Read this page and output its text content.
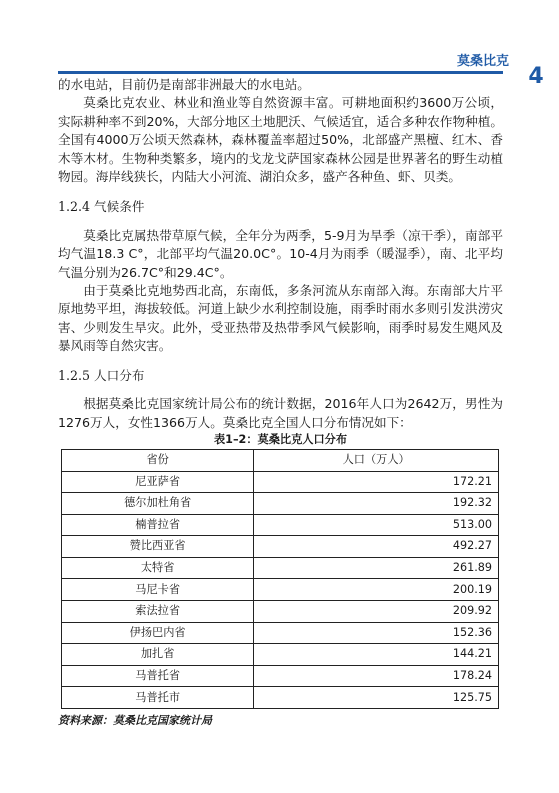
莫桑比克
4

的水电站，目前仍是南部非洲最大的水电站。

莫桑比克农业、林业和渔业等自然资源丰富。可耕地面积约3600万公顷，实际耕种率不到20%，大部分地区土地肥沃、气候适宜，适合多种农作物种植。全国有4000万公顷天然森林，森林覆盖率超过50%，北部盛产黑檀、红木、香木等木材。生物种类繁多，境内的戈龙戈萨国家森林公园是世界著名的野生动植物园。海岸线狭长，内陆大小河流、湖泊众多，盛产各种鱼、虾、贝类。

1.2.4 气候条件

莫桑比克属热带草原气候，全年分为两季，5-9月为旱季（凉干季），南部平均气温18.3 C°，北部平均气温20.0C°。10-4月为雨季（暖湿季），南、北平均气温分别为26.7C°和29.4C°。

由于莫桑比克地势西北高，东南低，多条河流从东南部入海。东南部大片平原地势平坦，海拔较低。河道上缺少水利控制设施，雨季时雨水多则引发洪涝灾害、少则发生旱灾。此外，受亚热带及热带季风气候影响，雨季时易发生飓风及暴风雨等自然灾害。

1.2.5 人口分布

根据莫桑比克国家统计局公布的统计数据，2016年人口为2642万，男性为1276万人，女性1366万人。莫桑比克全国人口分布情况如下：

表1–2：莫桑比克人口分布
省份	人口（万人）
尼亚萨省	172.21
德尔加杜角省	192.32
楠普拉省	513.00
赞比西亚省	492.27
太特省	261.89
马尼卡省	200.19
索法拉省	209.92
伊扬巴内省	152.36
加扎省	144.21
马普托省	178.24
马普托市	125.75
资料来源：莫桑比克国家统计局
